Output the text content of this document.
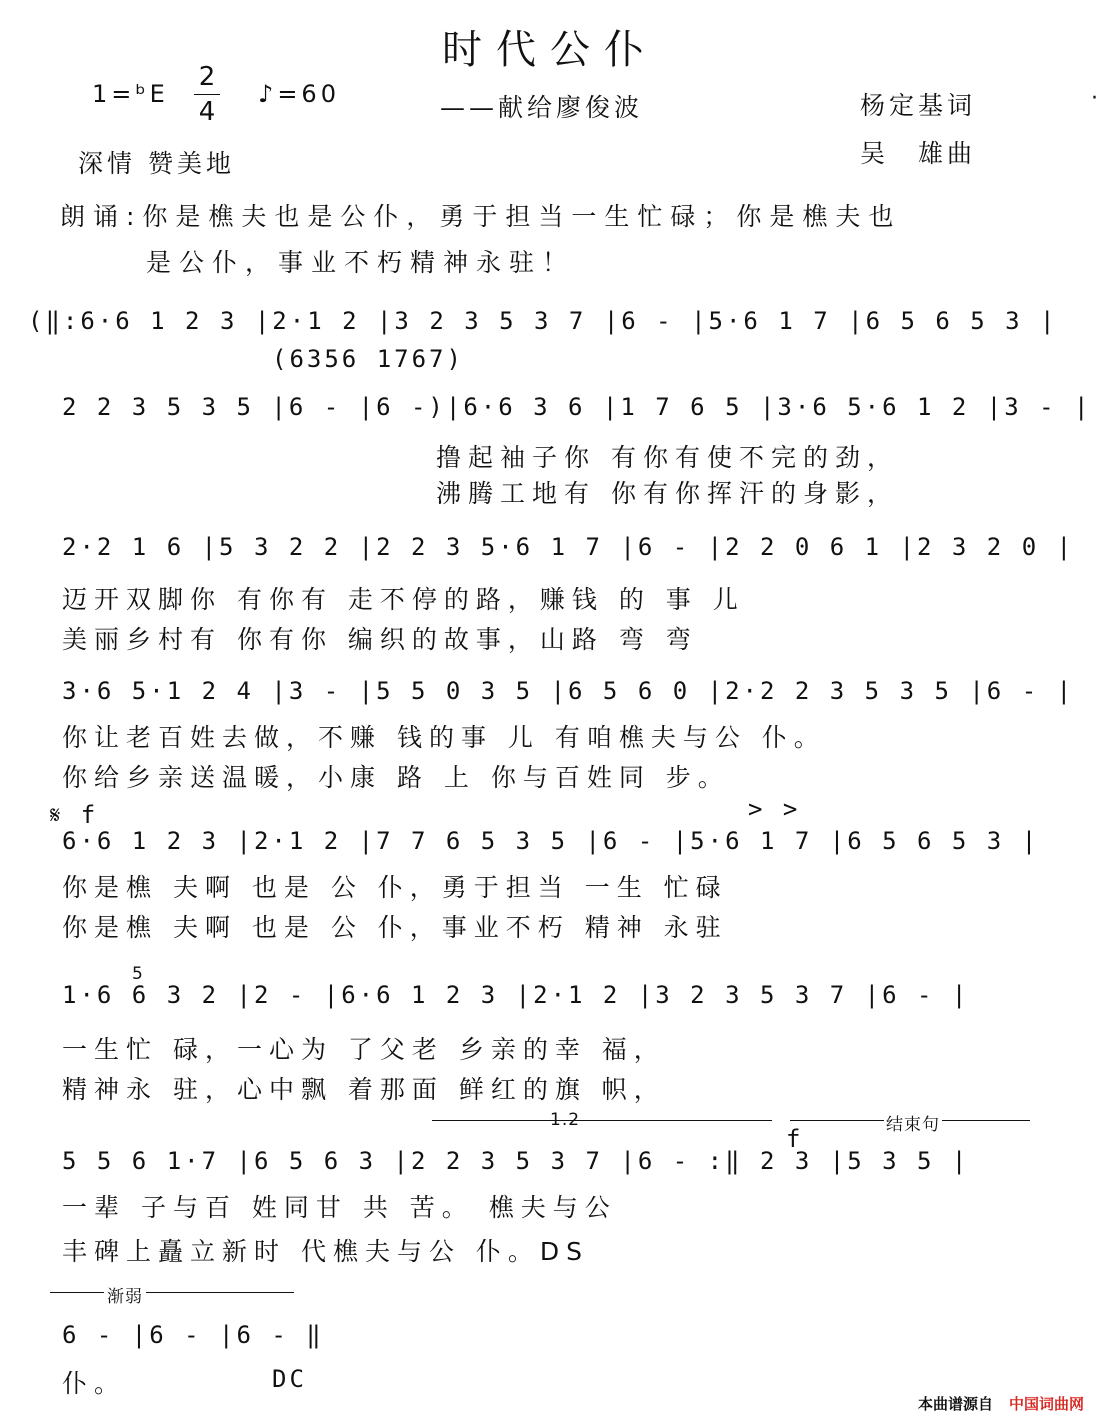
时代公仆
1=ᵇE
2
4
♪=60	——献给廖俊波	杨定基词
吴　雄曲
深情 赞美地
·
朗诵:你是樵夫也是公仆，勇于担当一生忙碌；你是樵夫也
是公仆，事业不朽精神永驻！
(‖:6·6 1 2 3 |2·1 2 |3 2 3 5 3 7 |6 - |5·6 1 7 |6 5 6 5 3 |
(6356 1767)
2 2 3 5 3 5 |6 - |6 -)|6·6 3 6 |1 7 6 5 |3·6 5·6 1 2 |3 - |
撸起袖子你 有你有使不完的劲，
沸腾工地有 你有你挥汗的身影，
2·2 1 6 |5 3 2 2 |2 2 3 5·6 1 7 |6 - |2 2 0 6 1 |2 3 2 0 |
迈开双脚你 有你有 走不停的路，赚钱 的 事 儿
美丽乡村有 你有你 编织的故事，山路 弯 弯
3·6 5·1 2 4 |3 - |5 5 0 3 5 |6 5 6 0 |2·2 2 3 5 3 5 |6 - |
你让老百姓去做，不赚 钱的事 儿 有咱樵夫与公 仆。
你给乡亲送温暖，小康 路 上 你与百姓同 步。
𝄋 f	> >
6·6 1 2 3 |2·1 2 |7 7 6 5 3 5 |6 - |5·6 1 7 |6 5 6 5 3 |
你是樵 夫啊 也是 公 仆，勇于担当 一生 忙碌
你是樵 夫啊 也是 公 仆，事业不朽 精神 永驻
5
1·6 6 3 2 |2 - |6·6 1 2 3 |2·1 2 |3 2 3 5 3 7 |6 - |
一生忙 碌，一心为 了父老 乡亲的幸 福，
精神永 驻，心中飘 着那面 鲜红的旗 帜，
1.2	结束句
f
5 5 6 1·7 |6 5 6 3 |2 2 3 5 3 7 |6 - :‖ 2 3 |5 3 5 |
一辈 子与百 姓同甘 共 苦。 樵夫与公
丰碑上矗立新时 代樵夫与公 仆。DS
渐弱
6 - |6 - |6 - ‖
仆。	DC
本曲谱源自 中国词曲网
